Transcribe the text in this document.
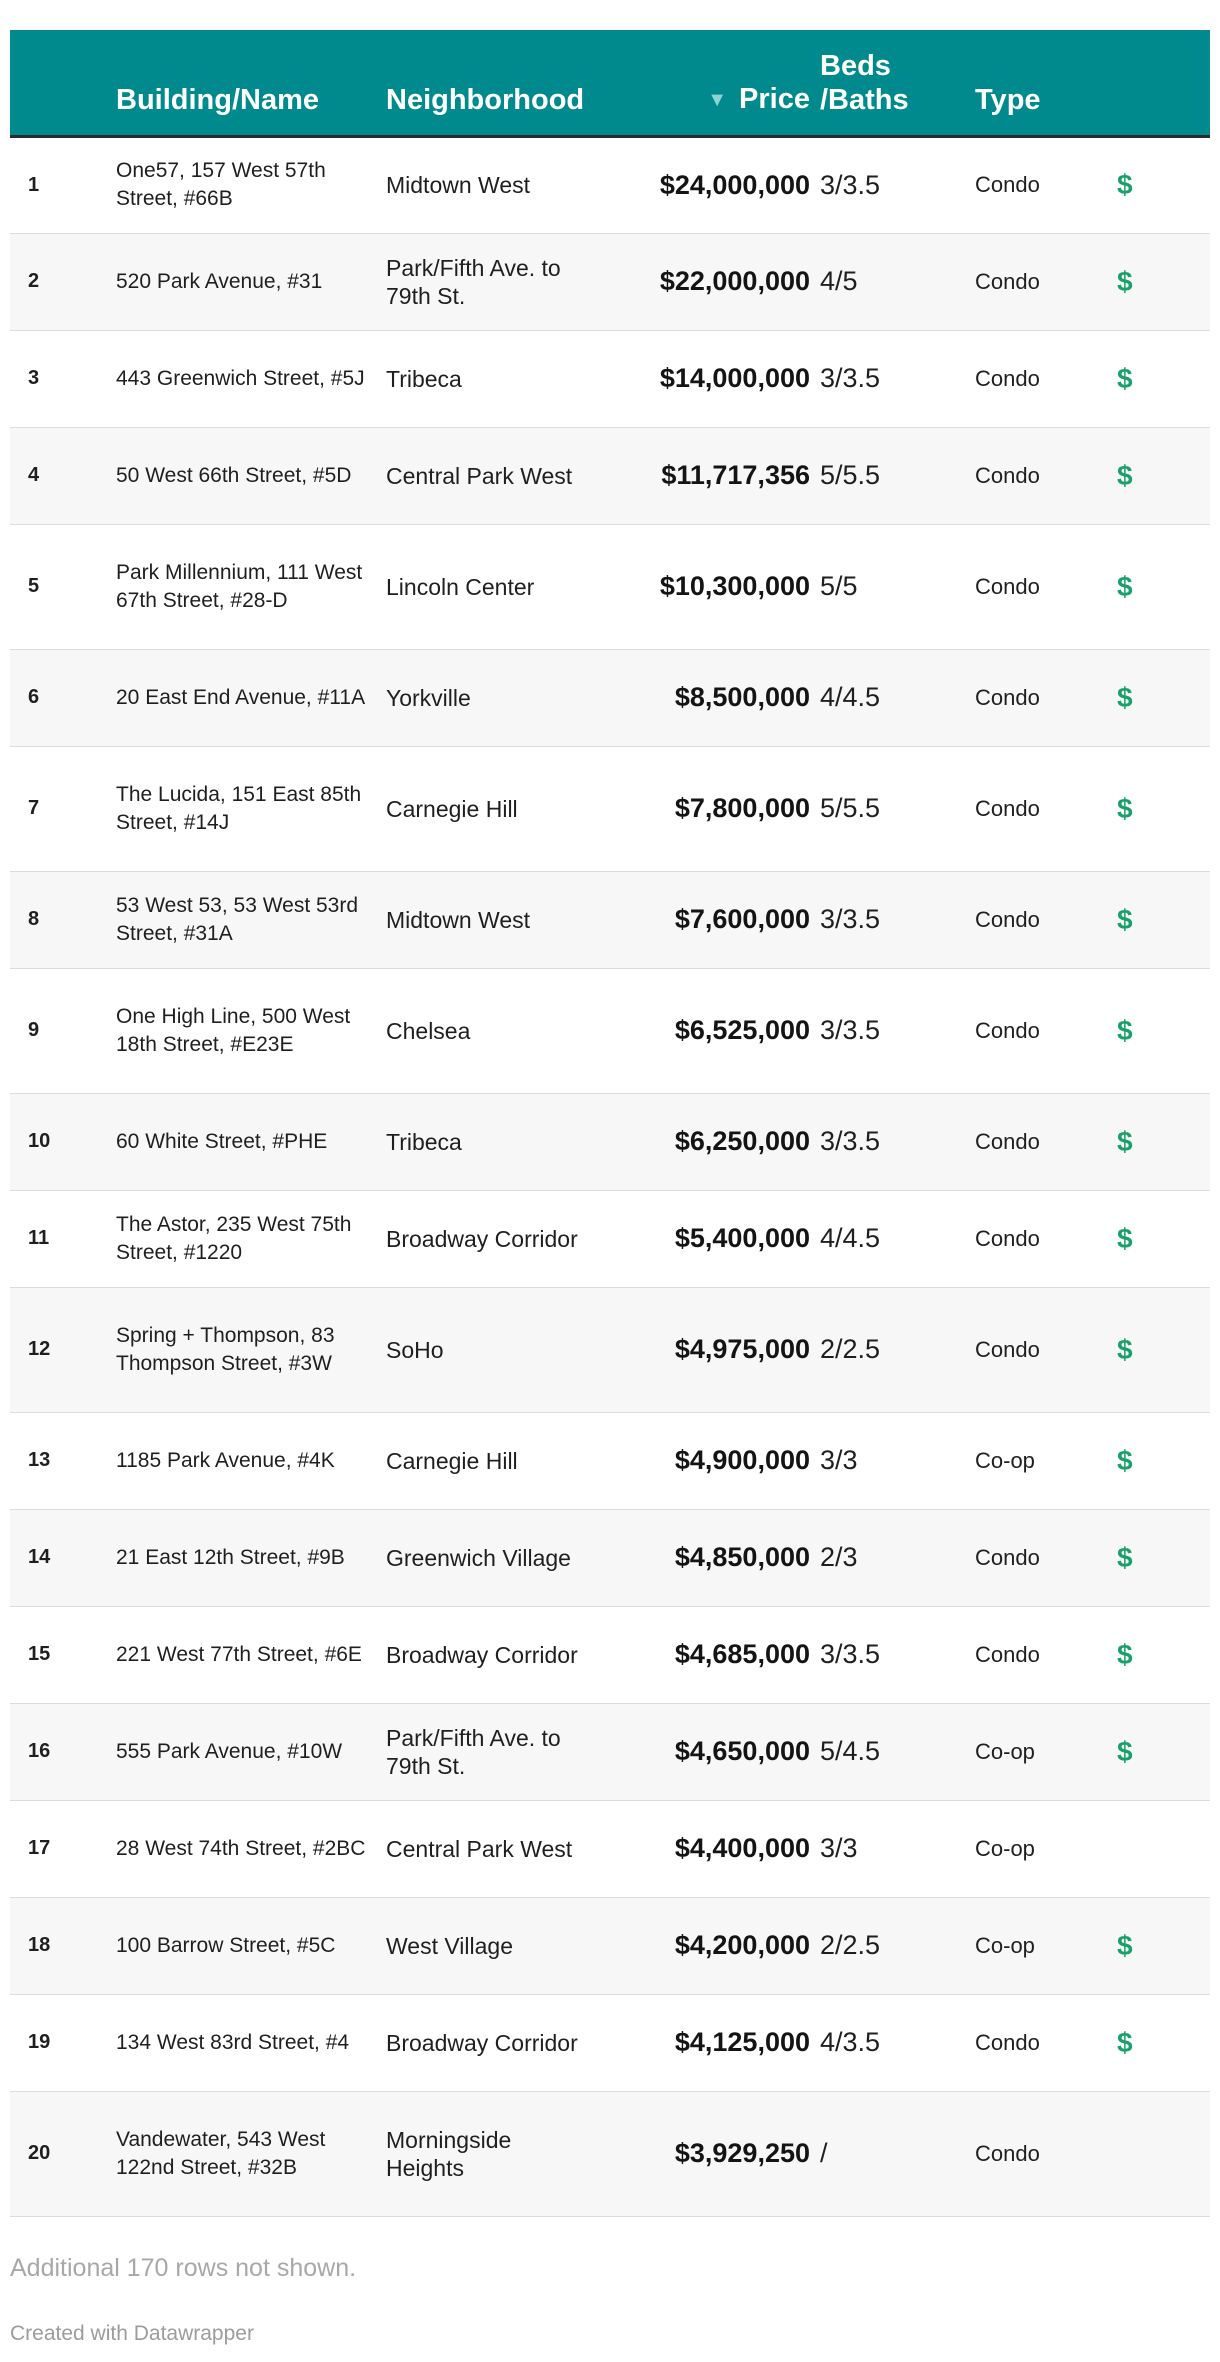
	Building/Name	Neighborhood	▼ Price	Beds /Baths	Type	
1	One57, 157 West 57th Street, #66B	Midtown West	$24,000,000	3/3.5	Condo	$
2	520 Park Avenue, #31	Park/Fifth Ave. to 79th St.	$22,000,000	4/5	Condo	$
3	443 Greenwich Street, #5J	Tribeca	$14,000,000	3/3.5	Condo	$
4	50 West 66th Street, #5D	Central Park West	$11,717,356	5/5.5	Condo	$
5	Park Millennium, 111 West 67th Street, #28-D	Lincoln Center	$10,300,000	5/5	Condo	$
6	20 East End Avenue, #11A	Yorkville	$8,500,000	4/4.5	Condo	$
7	The Lucida, 151 East 85th Street, #14J	Carnegie Hill	$7,800,000	5/5.5	Condo	$
8	53 West 53, 53 West 53rd Street, #31A	Midtown West	$7,600,000	3/3.5	Condo	$
9	One High Line, 500 West 18th Street, #E23E	Chelsea	$6,525,000	3/3.5	Condo	$
10	60 White Street, #PHE	Tribeca	$6,250,000	3/3.5	Condo	$
11	The Astor, 235 West 75th Street, #1220	Broadway Corridor	$5,400,000	4/4.5	Condo	$
12	Spring + Thompson, 83 Thompson Street, #3W	SoHo	$4,975,000	2/2.5	Condo	$
13	1185 Park Avenue, #4K	Carnegie Hill	$4,900,000	3/3	Co-op	$
14	21 East 12th Street, #9B	Greenwich Village	$4,850,000	2/3	Condo	$
15	221 West 77th Street, #6E	Broadway Corridor	$4,685,000	3/3.5	Condo	$
16	555 Park Avenue, #10W	Park/Fifth Ave. to 79th St.	$4,650,000	5/4.5	Co-op	$
17	28 West 74th Street, #2BC	Central Park West	$4,400,000	3/3	Co-op	
18	100 Barrow Street, #5C	West Village	$4,200,000	2/2.5	Co-op	$
19	134 West 83rd Street, #4	Broadway Corridor	$4,125,000	4/3.5	Condo	$
20	Vandewater, 543 West 122nd Street, #32B	Morningside Heights	$3,929,250	/	Condo	
Additional 170 rows not shown.
Created with Datawrapper
